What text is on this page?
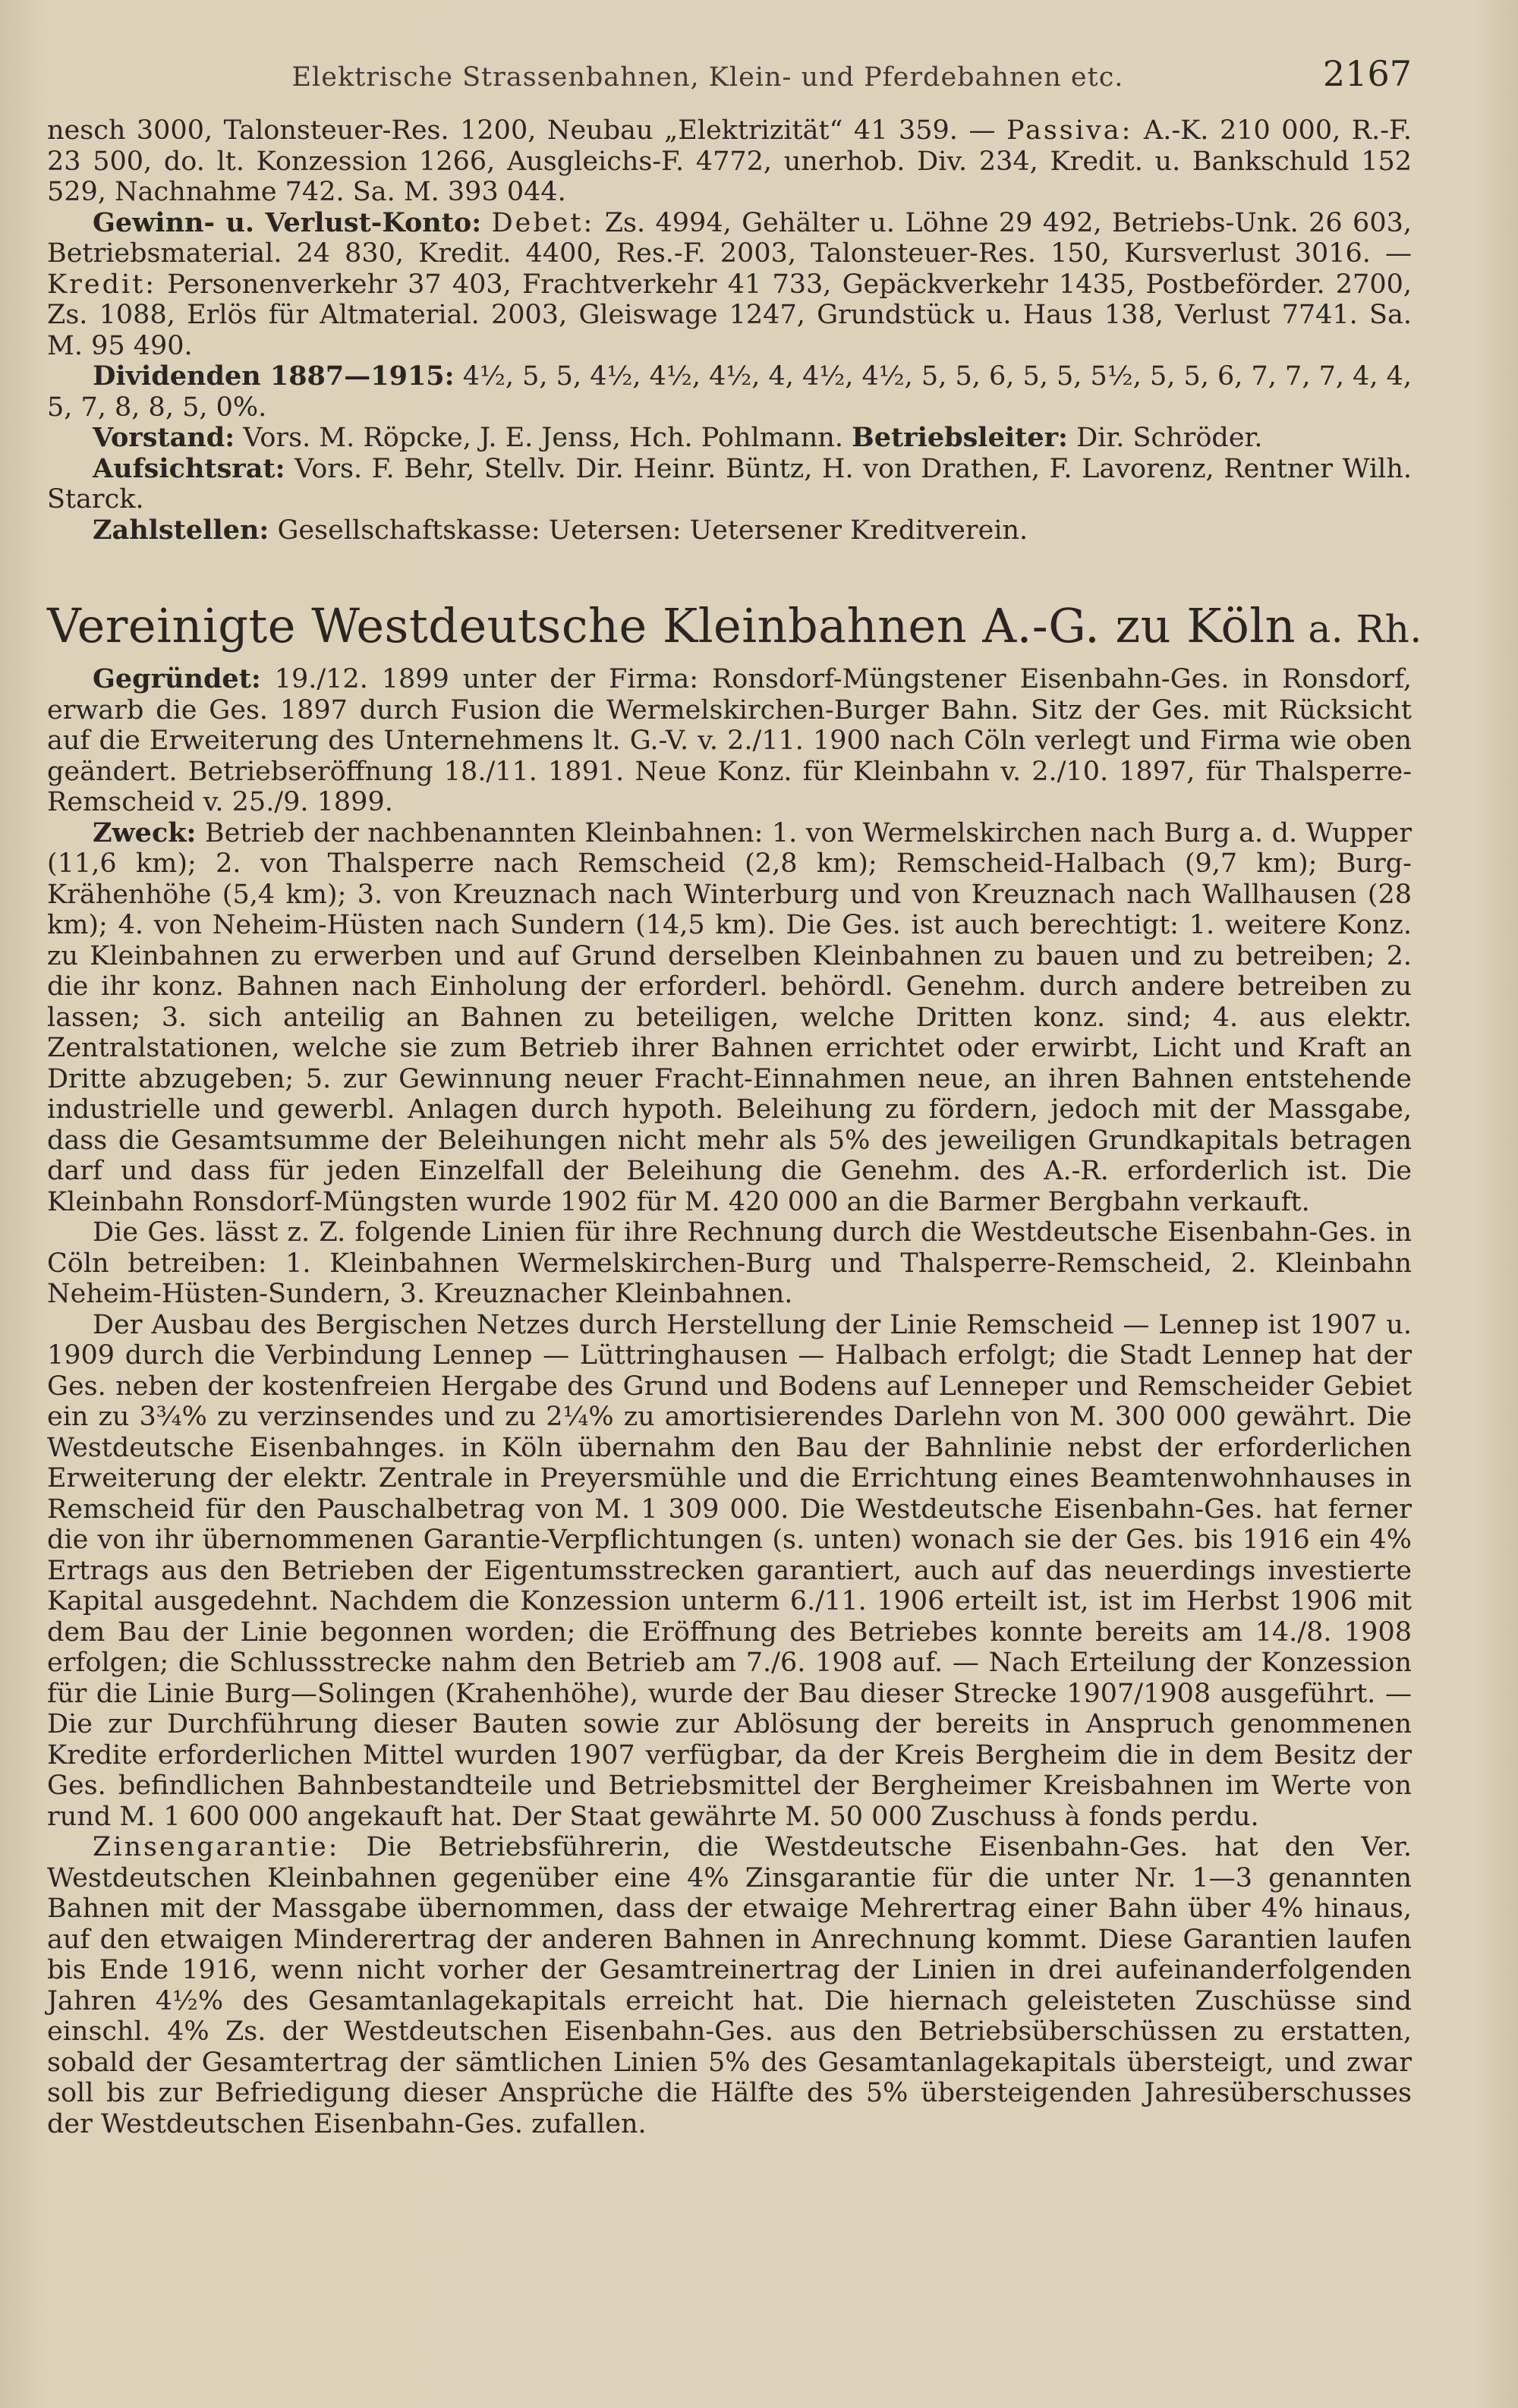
Elektrische Strassenbahnen, Klein- und Pferdebahnen etc.	2167

nesch 3000, Talonsteuer-Res. 1200, Neubau „Elektrizität“ 41 359. — Passiva: A.-K. 210 000, R.-F. 23 500, do. lt. Konzession 1266, Ausgleichs-F. 4772, unerhob. Div. 234, Kredit. u. Bankschuld 152 529, Nachnahme 742. Sa. M. 393 044.

Gewinn- u. Verlust-Konto: Debet: Zs. 4994, Gehälter u. Löhne 29 492, Betriebs-Unk. 26 603, Betriebsmaterial. 24 830, Kredit. 4400, Res.-F. 2003, Talonsteuer-Res. 150, Kursverlust 3016. — Kredit: Personenverkehr 37 403, Frachtverkehr 41 733, Gepäckverkehr 1435, Postbeförder. 2700, Zs. 1088, Erlös für Altmaterial. 2003, Gleiswage 1247, Grundstück u. Haus 138, Verlust 7741. Sa. M. 95 490.

Dividenden 1887—1915: 4½, 5, 5, 4½, 4½, 4½, 4, 4½, 4½, 5, 5, 6, 5, 5, 5½, 5, 5, 6, 7, 7, 7, 4, 4, 5, 7, 8, 8, 5, 0%.

Vorstand: Vors. M. Röpcke, J. E. Jenss, Hch. Pohlmann. Betriebsleiter: Dir. Schröder.

Aufsichtsrat: Vors. F. Behr, Stellv. Dir. Heinr. Büntz, H. von Drathen, F. Lavorenz, Rentner Wilh. Starck.

Zahlstellen: Gesellschaftskasse: Uetersen: Uetersener Kreditverein.

Vereinigte Westdeutsche Kleinbahnen A.-G. zu Köln a. Rh.

Gegründet: 19./12. 1899 unter der Firma: Ronsdorf-Müngstener Eisenbahn-Ges. in Ronsdorf, erwarb die Ges. 1897 durch Fusion die Wermelskirchen-Burger Bahn. Sitz der Ges. mit Rücksicht auf die Erweiterung des Unternehmens lt. G.-V. v. 2./11. 1900 nach Cöln verlegt und Firma wie oben geändert. Betriebseröffnung 18./11. 1891. Neue Konz. für Kleinbahn v. 2./10. 1897, für Thalsperre-Remscheid v. 25./9. 1899.

Zweck: Betrieb der nachbenannten Kleinbahnen: 1. von Wermelskirchen nach Burg a. d. Wupper (11,6 km); 2. von Thalsperre nach Remscheid (2,8 km); Remscheid-Halbach (9,7 km); Burg-Krähenhöhe (5,4 km); 3. von Kreuznach nach Winterburg und von Kreuznach nach Wallhausen (28 km); 4. von Neheim-Hüsten nach Sundern (14,5 km). Die Ges. ist auch berechtigt: 1. weitere Konz. zu Kleinbahnen zu erwerben und auf Grund derselben Kleinbahnen zu bauen und zu betreiben; 2. die ihr konz. Bahnen nach Einholung der erforderl. behördl. Genehm. durch andere betreiben zu lassen; 3. sich anteilig an Bahnen zu beteiligen, welche Dritten konz. sind; 4. aus elektr. Zentralstationen, welche sie zum Betrieb ihrer Bahnen errichtet oder erwirbt, Licht und Kraft an Dritte abzugeben; 5. zur Gewinnung neuer Fracht-Einnahmen neue, an ihren Bahnen entstehende industrielle und gewerbl. Anlagen durch hypoth. Beleihung zu fördern, jedoch mit der Massgabe, dass die Gesamtsumme der Beleihungen nicht mehr als 5% des jeweiligen Grundkapitals betragen darf und dass für jeden Einzelfall der Beleihung die Genehm. des A.-R. erforderlich ist. Die Kleinbahn Ronsdorf-Müngsten wurde 1902 für M. 420 000 an die Barmer Bergbahn verkauft.

Die Ges. lässt z. Z. folgende Linien für ihre Rechnung durch die Westdeutsche Eisenbahn-Ges. in Cöln betreiben: 1. Kleinbahnen Wermelskirchen-Burg und Thalsperre-Remscheid, 2. Kleinbahn Neheim-Hüsten-Sundern, 3. Kreuznacher Kleinbahnen.

Der Ausbau des Bergischen Netzes durch Herstellung der Linie Remscheid — Lennep ist 1907 u. 1909 durch die Verbindung Lennep — Lüttringhausen — Halbach erfolgt; die Stadt Lennep hat der Ges. neben der kostenfreien Hergabe des Grund und Bodens auf Lenneper und Remscheider Gebiet ein zu 3¾% zu verzinsendes und zu 2¼% zu amortisierendes Darlehn von M. 300 000 gewährt. Die Westdeutsche Eisenbahnges. in Köln übernahm den Bau der Bahnlinie nebst der erforderlichen Erweiterung der elektr. Zentrale in Preyersmühle und die Errichtung eines Beamtenwohnhauses in Remscheid für den Pauschalbetrag von M. 1 309 000. Die Westdeutsche Eisenbahn-Ges. hat ferner die von ihr übernommenen Garantie-Verpflichtungen (s. unten) wonach sie der Ges. bis 1916 ein 4% Ertrags aus den Betrieben der Eigentumsstrecken garantiert, auch auf das neuerdings investierte Kapital ausgedehnt. Nachdem die Konzession unterm 6./11. 1906 erteilt ist, ist im Herbst 1906 mit dem Bau der Linie begonnen worden; die Eröffnung des Betriebes konnte bereits am 14./8. 1908 erfolgen; die Schlussstrecke nahm den Betrieb am 7./6. 1908 auf. — Nach Erteilung der Konzession für die Linie Burg—Solingen (Krahenhöhe), wurde der Bau dieser Strecke 1907/1908 ausgeführt. — Die zur Durchführung dieser Bauten sowie zur Ablösung der bereits in Anspruch genommenen Kredite erforderlichen Mittel wurden 1907 verfügbar, da der Kreis Bergheim die in dem Besitz der Ges. befindlichen Bahnbestandteile und Betriebsmittel der Bergheimer Kreisbahnen im Werte von rund M. 1 600 000 angekauft hat. Der Staat gewährte M. 50 000 Zuschuss à fonds perdu.

Zinsengarantie: Die Betriebsführerin, die Westdeutsche Eisenbahn-Ges. hat den Ver. Westdeutschen Kleinbahnen gegenüber eine 4% Zinsgarantie für die unter Nr. 1—3 genannten Bahnen mit der Massgabe übernommen, dass der etwaige Mehrertrag einer Bahn über 4% hinaus, auf den etwaigen Minderertrag der anderen Bahnen in Anrechnung kommt. Diese Garantien laufen bis Ende 1916, wenn nicht vorher der Gesamtreinertrag der Linien in drei aufeinanderfolgenden Jahren 4½% des Gesamtanlagekapitals erreicht hat. Die hiernach geleisteten Zuschüsse sind einschl. 4% Zs. der Westdeutschen Eisenbahn-Ges. aus den Betriebsüberschüssen zu erstatten, sobald der Gesamtertrag der sämtlichen Linien 5% des Gesamtanlagekapitals übersteigt, und zwar soll bis zur Befriedigung dieser Ansprüche die Hälfte des 5% übersteigenden Jahresüberschusses der Westdeutschen Eisenbahn-Ges. zufallen.
